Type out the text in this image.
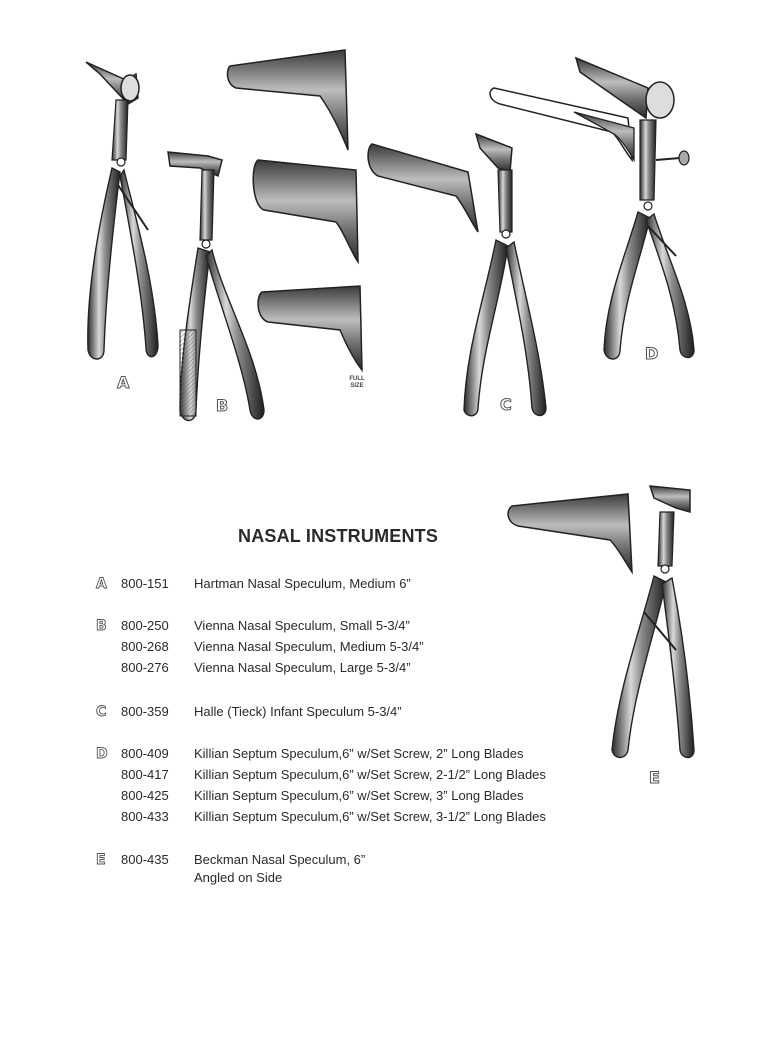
A
B	C
D
E
FULL SIZE
NASAL INSTRUMENTS
A 800-151 Hartman Nasal Speculum, Medium 6”
B 800-250 Vienna Nasal Speculum, Small 5-3/4”
800-268 Vienna Nasal Speculum, Medium 5-3/4”
800-276 Vienna Nasal Speculum, Large 5-3/4”
C 800-359 Halle (Tieck) Infant Speculum 5-3/4”
D 800-409 Killian Septum Speculum,6” w/Set Screw, 2” Long Blades
800-417 Killian Septum Speculum,6” w/Set Screw, 2-1/2” Long Blades
800-425 Killian Septum Speculum,6” w/Set Screw, 3” Long Blades
800-433 Killian Septum Speculum,6” w/Set Screw, 3-1/2” Long Blades
E	800-435 Beckman Nasal Speculum, 6”
Angled on Side
